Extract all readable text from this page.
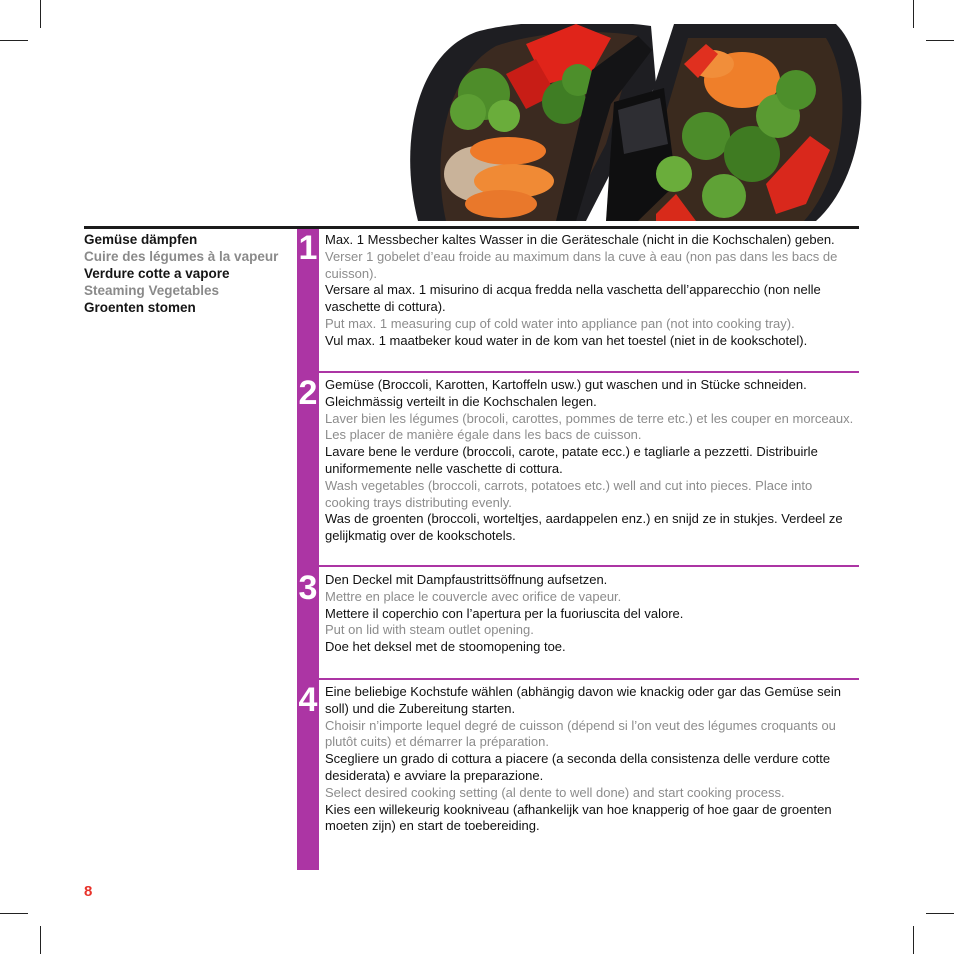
Gemüse dämpfen
Cuire des légumes à la vapeur
Verdure cotte a vapore
Steaming Vegetables
Groenten stomen
1 Max. 1 Messbecher kaltes Wasser in die Geräteschale (nicht in die Kochschalen) geben.

Verser 1 gobelet d’eau froide au maximum dans la cuve à eau (non pas dans les bacs de cuisson).

Versare al max. 1 misurino di acqua fredda nella vaschetta dell’apparecchio (non nelle vaschette di cottura).

Put max. 1 measuring cup of cold water into appliance pan (not into cooking tray).

Vul max. 1 maatbeker koud water in de kom van het toestel (niet in de kookschotel).

2 Gemüse (Broccoli, Karotten, Kartoffeln usw.) gut waschen und in Stücke schneiden. Gleichmässig verteilt in die Kochschalen legen.

Laver bien les légumes (brocoli, carottes, pommes de terre etc.) et les couper en morceaux. Les placer de manière égale dans les bacs de cuisson.

Lavare bene le verdure (broccoli, carote, patate ecc.) e tagliarle a pezzetti. Distribuirle uniformemente nelle vaschette di cottura.

Wash vegetables (broccoli, carrots, potatoes etc.) well and cut into pieces. Place into cooking trays distributing evenly.

Was de groenten (broccoli, worteltjes, aardappelen enz.) en snijd ze in stukjes. Verdeel ze gelijkmatig over de kookschotels.

3 Den Deckel mit Dampfaustrittsöffnung aufsetzen.

Mettre en place le couvercle avec orifice de vapeur.

Mettere il coperchio con l’apertura per la fuoriuscita del valore.

Put on lid with steam outlet opening.

Doe het deksel met de stoomopening toe.

4 Eine beliebige Kochstufe wählen (abhängig davon wie knackig oder gar das Gemüse sein soll) und die Zubereitung starten.

Choisir n’importe lequel degré de cuisson (dépend si l’on veut des légumes croquants ou plutôt cuits) et démarrer la préparation.

Scegliere un grado di cottura a piacere (a seconda della consistenza delle verdure cotte desiderata) e avviare la preparazione.

Select desired cooking setting (al dente to well done) and start cooking process.

Kies een willekeurig kookniveau (afhankelijk van hoe knapperig of hoe gaar de groenten moeten zijn) en start de toebereiding.

8
